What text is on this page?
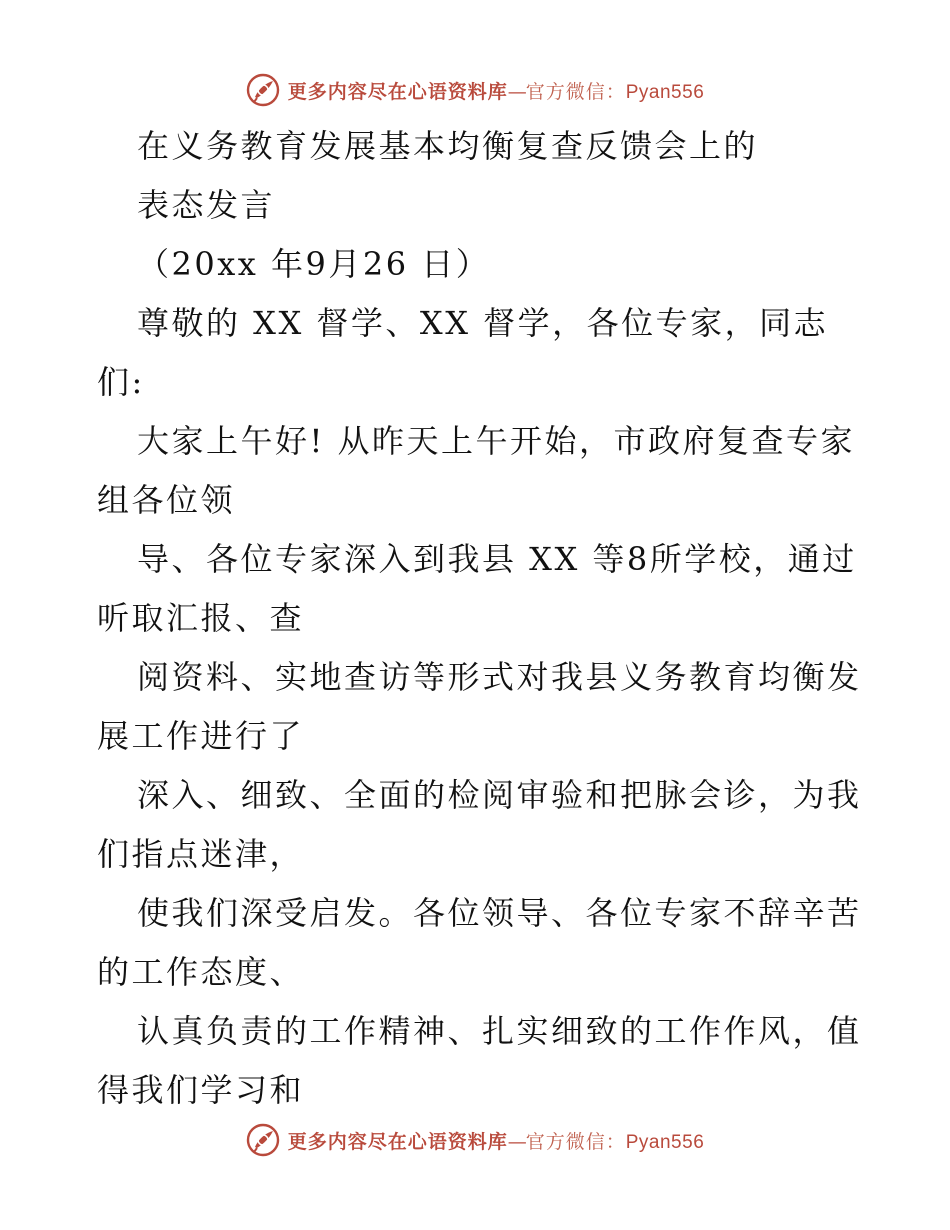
更多内容尽在心语资料库 — 官方微信： Pyan556
在义务教育发展基本均衡复查反馈会上的
表态发言
（20xx 年9月26 日）
尊敬的 XX 督学、XX 督学，各位专家，同志
们:
大家上午好! 从昨天上午开始，市政府复查专家
组各位领
导、各位专家深入到我县 XX 等8所学校，通过
听取汇报、查
阅资料、实地查访等形式对我县义务教育均衡发
展工作进行了
深入、细致、全面的检阅审验和把脉会诊，为我
们指点迷津，
使我们深受启发。各位领导、各位专家不辞辛苦
的工作态度、
认真负责的工作精神、扎实细致的工作作风，值
得我们学习和
更多内容尽在心语资料库 — 官方微信： Pyan556
